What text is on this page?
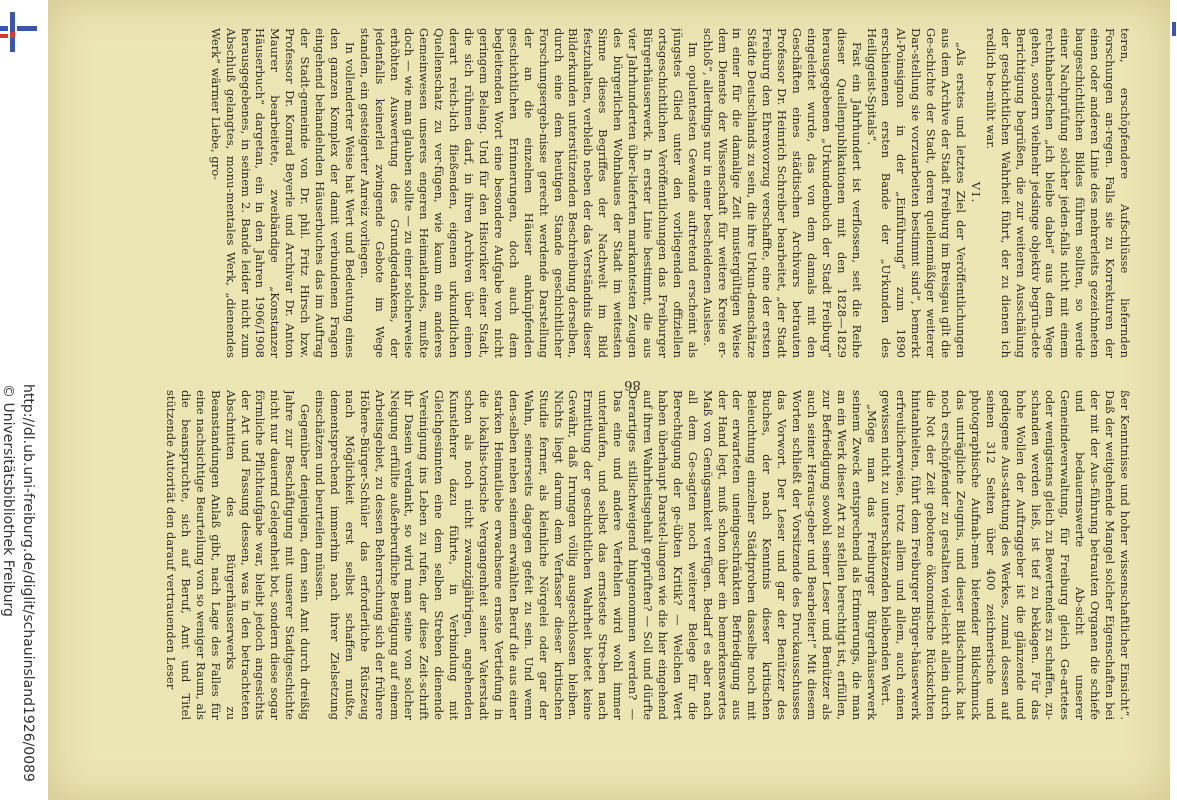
http://dl.ub.uni-freiburg.de/diglit/schauinsland1926/0089
© Universitätsbibliothek Freiburg

teren, erschöpfendere Aufschlüsse liefernden Forschungen an-regen. Falls sie zu Korrekturen der einen oder anderen Linie des mehrerleits gezeichneten baugeschichtlichen Bildes führen sollten, so werde einer Nachprüfung solcher jeden-falls nicht mit einem rechthaberischen „ich bleibe dabei“ aus dem Wege gehen, sondern vielmehr jedsinge objektiv begrün-dete Berichtigung begrüßen, die zur weiteren Ausschälung der geschichtlichen Wahrheit führt, der zu dienen ich redlich be-müht war.

VI.

„Als erstes und letztes Ziel der Veröffentlichungen aus dem Archive der Stadt Freiburg im Breisgau gilt die Ge-schichte der Stadt, deren quellenmäßiger weiterer Dar-stellung sie vorzuarbeiten bestimmt sind“, bemerkt Al-Poinsignon in der „Einführung“ zum 1890 erschienenen ersten Bande der „Urkunden des Heiliggeist-Spitals“.

Fast ein Jahrhundert ist verflossen, seit die Reihe dieser Quellenpublikationen mit den 1828—1829 herausgegebenen „Urkundenbuch der Stadt Freiburg“ eingeleitet wurde, das von dem damals mit den Geschäften eines städtischen Archivars betrauten Professor Dr. Heinrich Schreiber bearbeitet, „der Stadt Freiburg den Ehrenvorzug verschaffte, eine der ersten Städte Deutschlands zu sein, die ihre Urkun-denschätze in einer für die damalige Zeit mustergültigen Weise dem Dienste der Wissenschaft für weitere Kreise er-schloß“, allerdings nur in einer bescheidenen Auslese.

Im opulentesten Gewande auftretend erscheint als jüngstes Glied unter den vorliegenden offiziellen ortsgeschichtlichen Veröffentlichungen das Freiburger Bürgerhäuserwerk. In erster Linie bestimmt, die aus vier Jahrhunderten über-lieferten markantesten Zeugen des bürgerlichen Wohnbaues der Stadt im weitesten Sinne dieses Begriffes der Nachwelt im Bild festzuhalten, verbleib neben der das Verständnis dieser Bilderkunden unterstützenden Beschreibung derselben, durch eine dem heutigen Stande geschichtlicher Forschungsergeb-nisse gerecht werdende Darstellung der an die einzelnen Häuser anknüpfenden geschichtlichen Erinnerungen, doch auch dem begleitenden Wort eine besondere Aufgabe von nicht geringem Belang. Und für den Historiker einer Stadt, die sich rühmen darf, in ihren Archiven über einen derart reich-lich fließenden, eigenen urkundlichen Quellenschatz zu ver-fügen, wie kaum ein anderes Gemeinwesen unseres engeren Heimatlandes, mußte doch — wie man glauben sollte — zu einer solcherweise erhöhten Auswertung des Grundgedankens, der jedenfalls keinerlei zwingende Gebote im Wege standen, ein gesteigerter Anreiz vorliegen.

In vollenderter Weise hat Wert und Bedeutung eines den ganzen Komplex der damit verbundenen Fragen eingehend behandelnden Häuserbuches das im Auftrag der Stadt-gemeinde von Dr. phil. Fritz Hirsch bzw. Professor Dr. Konrad Beyerle und Archivar Dr. Anton Maurer bearbeitete, zweibändige „Konstanzer Häuserbuch“ dargetan, ein in den Jahren 1906/1908 herausgegebenes, in seinem 2. Bande leider nicht zum Abschluß gelangtes, monu-mentales Werk, „dienendes Werk“ wärmer Liebe, gro-

ßer Kenntnisse und hoher wissenschaftlicher Einsicht“. Daß der weitgehende Mangel solcher Eigenschaften bei der mit der Aus-führung betrauten Organen die schiefe und bedauernswerte Ab-sicht unserer Gemeindeverwaltung, für Freiburg gleich Ge-artetes oder wenigstens gleich zu Bewertendes zu schaffen, zu-schanden werden ließ, ist tief zu beklagen. Für das hohe Wollen der Auftraggeber ist die glänzende und gediegene Aus-stattung des Werkes, zumal dessen auf seinen 312 Seiten über 400 zeichnerische und photographische Aufnah-men bietender Bildschmuck das unträgliche Zeugnis, und dieser Bildschmuck hat noch erschöpfender zu gestalten viel-leicht allein durch die Not der Zeit gebotene ökonomische Rücksichten hintanhielten, führt dem Freiburger Bürger-häuserwerk erfreulicherweise, trotz allem und allem, auch einen gewissen nicht zu unterschätzenden bleibenden Wert.

„Möge man das Freiburger Bürgerhäuserwerk seinem Zweck entsprechend als Erinnerungs, die man an ein Werk dieser Art zu stellen berechtigt ist, erfüllen, zur Befriedigung sowohl seiner Leser und Benützer als auch seiner Heraus-geber und Bearbeiter!“ Mit diesem Worten schließt der Vorsitzende des Druckausschusses das Vorwort. Der Leser und gar der Benützer des Buches, der nach Kenntnis dieser kritischen Beleuchtung einzelner Städtproben dasselbe noch mit der erwarteten uneingeschränkten Befriedigung aus der Hand legt, muß schon über ein bemerkenswertes Maß von Genügsamkeit verfügen. Bedarf es aber nach all dem Ge-sagten noch weiterer Belege für die Berechtigung der ge-übten Kritik? — Welchen Wert haben überhaupt Darstel-lungen wie die hier eingehend auf ihren Wahrheitsgehalt geprüften? — Soll und dürfte Derartiges stillschweigend hingenommen werden? — Das eine und andere Verfehlen wird wohl immer unterlaufen, und selbst das ernsteste Stre-ben nach Ermittlung der geschichtlichen Wahrheit bietet keine Gewähr, daß Irrungen völlig ausgeschlossen bleiben. Nichts liegt darum dem Verfasser dieser kritischen Studie ferner, als kleinliche Nörgelei oder gar der Wahn, seinerseits dagegen gefeit zu sein. Und wenn den-selben neben seinem erwählten Beruf die aus einer starken Heimatliebe erwachsene ernste Vertiefung in die lokalhis-torische Vergangenheit seiner Vaterstadt schon als noch nicht zwanzigjährigen, angehenden Kunstlehrer dazu führte, in Verbindung mit Gleichgesinnten eine dem selben Streben dienende Vereinigung ins Leben zu rufen, der diese Zeit-schrift ihr Dasein verdankt, so wird man seine von solcher Neigung erfüllte außerberufliche Betätigung auf einem Arbeitsgebiet, zu dessen Beherrschung sich der frühere Höhere-Bürger-Schüler das erforderliche Rüstzeug nach Möglichkeit erst selbst schaffen mußte, dementsprechend immerhin nach ihrer Zielsetzung einschätzen und beurteilen müssen.

Gegenüber denjenigen, dem sein Amt durch dreißig Jahre zur Beschäftigung mit unserer Stadtgeschichte nicht nur dauernd Gelegenheit bot, sondern diese sogar förmliche Pflichtaufgabe war, bleibt jedoch angesichts der Art und Fassung dessen, was in den betrachteten Abschnitten des Bürgerhäuserwerks zu Beanstandungen Anlaß gibt, nach Lage des Falles für eine nachsichtige Beurteilung von so weniger Raum, als die beanspruchte, sich auf Beruf, Amt und Titel stützende Autorität den darauf vertrauenden Leser

86
